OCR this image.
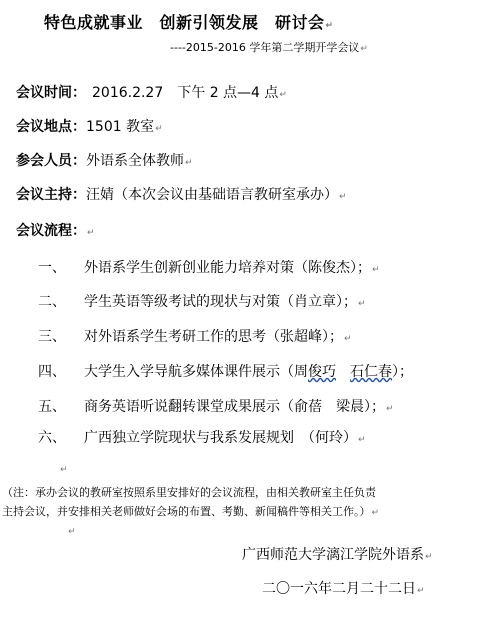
特色成就事业　创新引领发展　研讨会↵
----2015-2016 学年第二学期开学会议↵
会议时间： 2016.2.27　下午 2 点—4 点↵
会议地点：1501 教室↵
参会人员：外语系全体教师↵
会议主持：汪婧（本次会议由基础语言教研室承办）↵
会议流程：↵
一、 外语系学生创新创业能力培养对策（陈俊杰）；↵
二、 学生英语等级考试的现状与对策（肖立章）；↵
三、 对外语系学生考研工作的思考（张超峰）；↵
四、 大学生入学导航多媒体课件展示（周俊巧　 石仁春）；
五、 商务英语听说翻转课堂成果展示（俞蓓　梁晨）；↵
六、 广西独立学院现状与我系发展规划　（何玲）↵
↵
（注：承办会议的教研室按照系里安排好的会议流程，由相关教研室主任负责
主持会议，并安排相关老师做好会场的布置、考勤、新闻稿件等相关工作。）↵
↵
广西师范大学漓江学院外语系↵
二〇一六年二月二十二日↵
